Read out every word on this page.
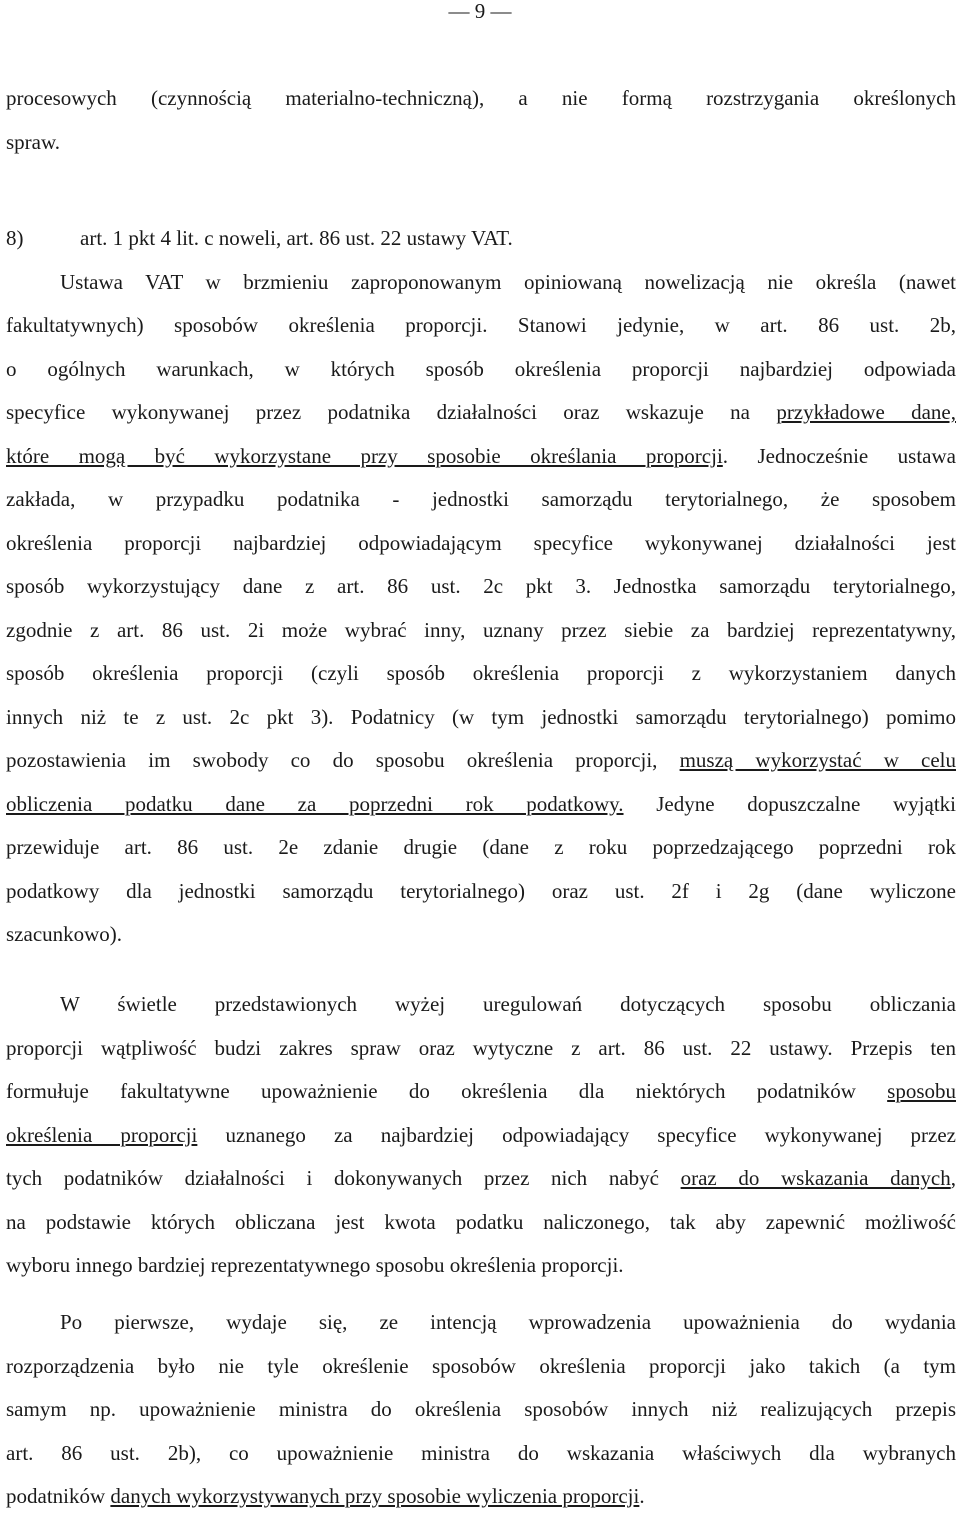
— 9 —
procesowych (czynnością materialno-techniczną), a nie formą rozstrzygania określonych
spraw.
8)	art. 1 pkt 4 lit. c noweli, art. 86 ust. 22 ustawy VAT.
Ustawa VAT w brzmieniu zaproponowanym opiniowaną nowelizacją nie określa (nawet
fakultatywnych) sposobów określenia proporcji. Stanowi jedynie, w art. 86 ust. 2b,
o ogólnych warunkach, w których sposób określenia proporcji najbardziej odpowiada
specyfice wykonywanej przez podatnika działalności oraz wskazuje na przykładowe dane,
które mogą być wykorzystane przy sposobie określania proporcji. Jednocześnie ustawa
zakłada, w przypadku podatnika - jednostki samorządu terytorialnego, że sposobem
określenia proporcji najbardziej odpowiadającym specyfice wykonywanej działalności jest
sposób wykorzystujący dane z art. 86 ust. 2c pkt 3. Jednostka samorządu terytorialnego,
zgodnie z art. 86 ust. 2i może wybrać inny, uznany przez siebie za bardziej reprezentatywny,
sposób określenia proporcji (czyli sposób określenia proporcji z wykorzystaniem danych
innych niż te z ust. 2c pkt 3). Podatnicy (w tym jednostki samorządu terytorialnego) pomimo
pozostawienia im swobody co do sposobu określenia proporcji, muszą wykorzystać w celu
obliczenia podatku dane za poprzedni rok podatkowy. Jedyne dopuszczalne wyjątki
przewiduje art. 86 ust. 2e zdanie drugie (dane z roku poprzedzającego poprzedni rok
podatkowy dla jednostki samorządu terytorialnego) oraz ust. 2f i 2g (dane wyliczone
szacunkowo).
W świetle przedstawionych wyżej uregulowań dotyczących sposobu obliczania
proporcji wątpliwość budzi zakres spraw oraz wytyczne z art. 86 ust. 22 ustawy. Przepis ten
formułuje fakultatywne upoważnienie do określenia dla niektórych podatników sposobu
określenia proporcji uznanego za najbardziej odpowiadający specyfice wykonywanej przez
tych podatników działalności i dokonywanych przez nich nabyć oraz do wskazania danych,
na podstawie których obliczana jest kwota podatku naliczonego, tak aby zapewnić możliwość
wyboru innego bardziej reprezentatywnego sposobu określenia proporcji.
Po pierwsze, wydaje się, ze intencją wprowadzenia upoważnienia do wydania
rozporządzenia było nie tyle określenie sposobów określenia proporcji jako takich (a tym
samym np. upoważnienie ministra do określenia sposobów innych niż realizujących przepis
art. 86 ust. 2b), co upoważnienie ministra do wskazania właściwych dla wybranych
podatników danych wykorzystywanych przy sposobie wyliczenia proporcji.
